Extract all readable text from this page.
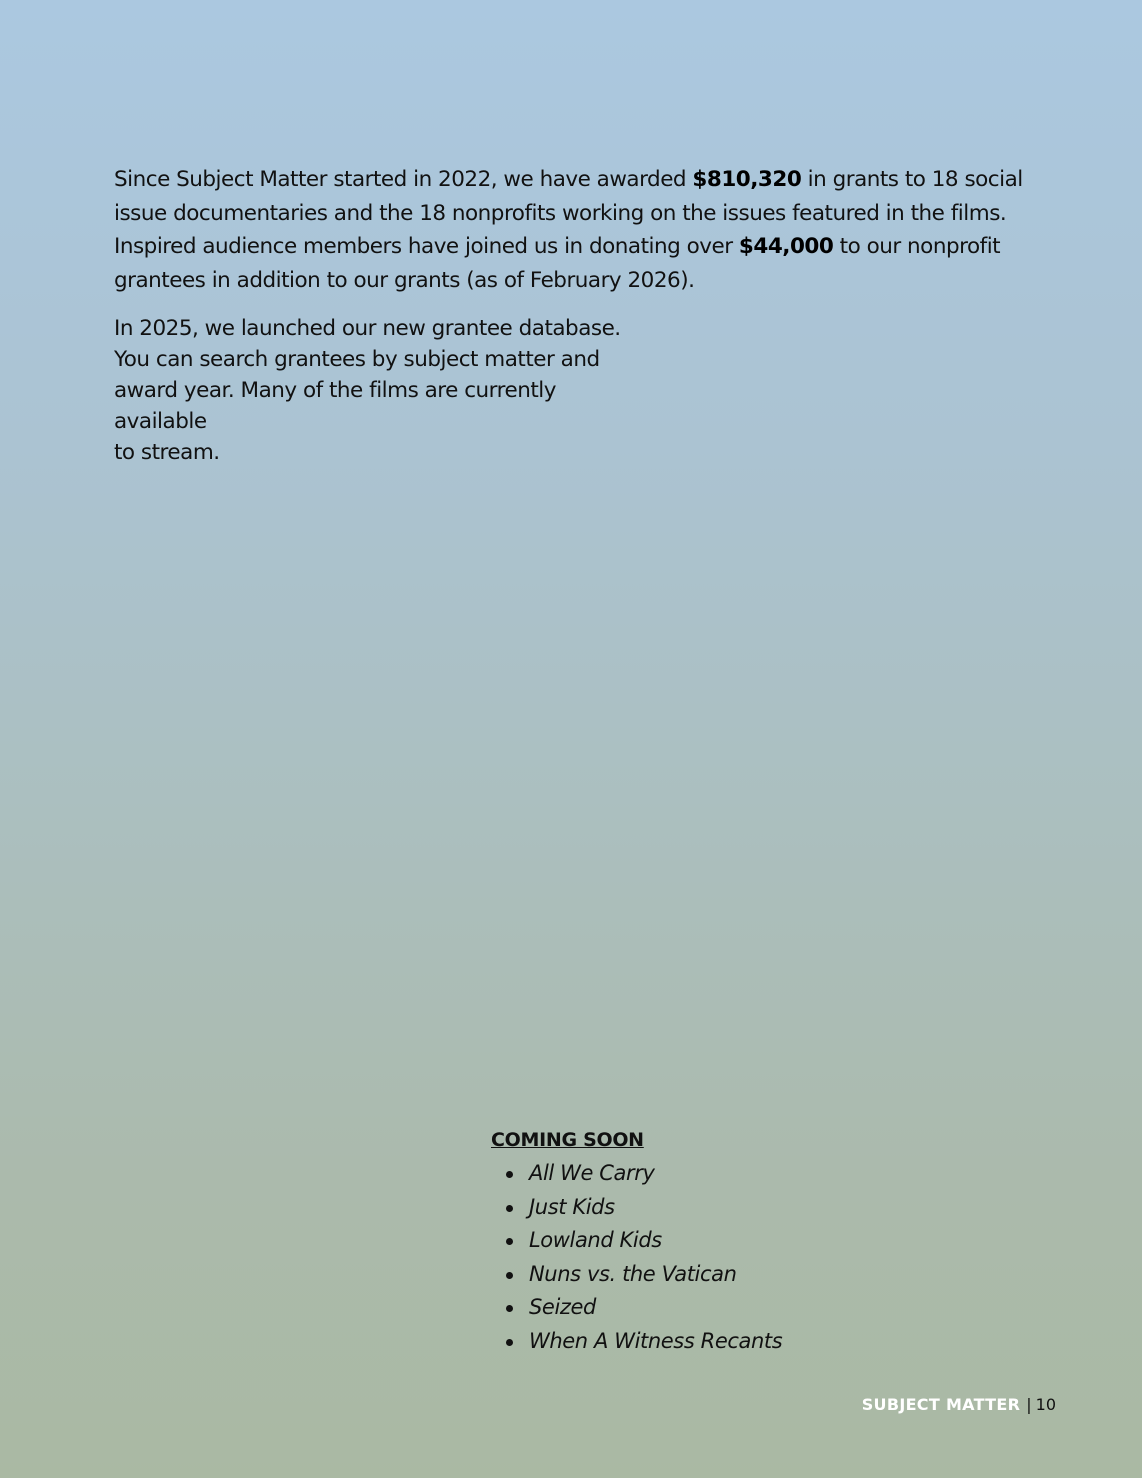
Since Subject Matter started in 2022, we have awarded $810,320 in grants to 18 social issue documentaries and the 18 nonprofits working on the issues featured in the films. Inspired audience members have joined us in donating over $44,000 to our nonprofit grantees in addition to our grants (as of February 2026).

In 2025, we launched our new grantee database.
You can search grantees by subject matter and
award year. Many of the films are currently available
to stream.
COMING SOON
All We Carry
Just Kids
Lowland Kids
Nuns vs. the Vatican
Seized
When A Witness Recants
SUBJECT MATTER | 10
